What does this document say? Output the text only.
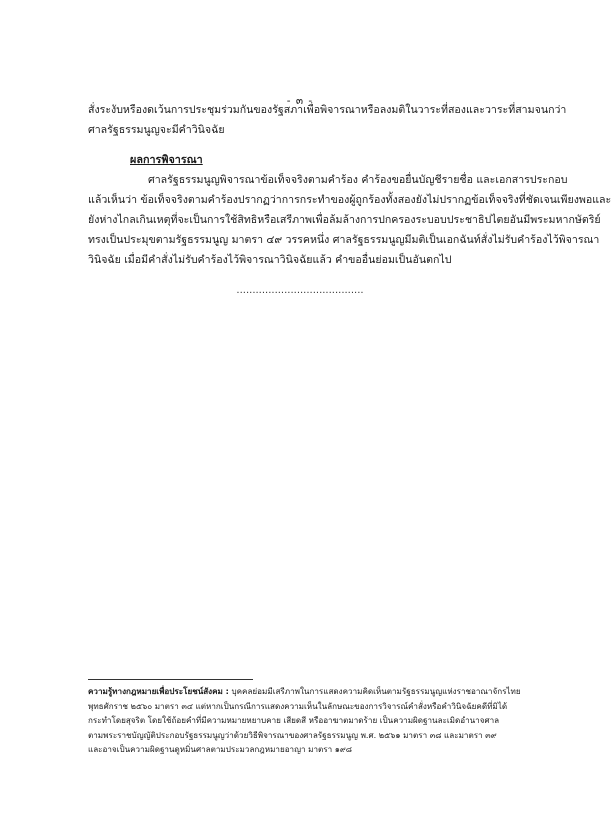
- ๓ -
สั่งระงับหรืองดเว้นการประชุมร่วมกันของรัฐสภาเพื่อพิจารณาหรือลงมติในวาระที่สองและวาระที่สามจนกว่า
ศาลรัฐธรรมนูญจะมีคำวินิจฉัย
ผลการพิจารณา
ศาลรัฐธรรมนูญพิจารณาข้อเท็จจริงตามคำร้อง คำร้องขอยื่นบัญชีรายชื่อ และเอกสารประกอบ
แล้วเห็นว่า ข้อเท็จจริงตามคำร้องปรากฏว่าการกระทำของผู้ถูกร้องทั้งสองยังไม่ปรากฏข้อเท็จจริงที่ชัดเจนเพียงพอและ
ยังห่างไกลเกินเหตุที่จะเป็นการใช้สิทธิหรือเสรีภาพเพื่อล้มล้างการปกครองระบอบประชาธิปไตยอันมีพระมหากษัตริย์
ทรงเป็นประมุขตามรัฐธรรมนูญ มาตรา ๔๙ วรรคหนึ่ง ศาลรัฐธรรมนูญมีมติเป็นเอกฉันท์สั่งไม่รับคำร้องไว้พิจารณา
วินิจฉัย เมื่อมีคำสั่งไม่รับคำร้องไว้พิจารณาวินิจฉัยแล้ว คำขออื่นย่อมเป็นอันตกไป
........................................
ความรู้ทางกฎหมายเพื่อประโยชน์สังคม : บุคคลย่อมมีเสรีภาพในการแสดงความคิดเห็นตามรัฐธรรมนูญแห่งราชอาณาจักรไทย
พุทธศักราช ๒๕๖๐ มาตรา ๓๔ แต่หากเป็นกรณีการแสดงความเห็นในลักษณะของการวิจารณ์คำสั่งหรือคำวินิจฉัยคดีที่มิได้
กระทำโดยสุจริต โดยใช้ถ้อยคำที่มีความหมายหยาบคาย เสียดสี หรืออาฆาตมาดร้าย เป็นความผิดฐานละเมิดอำนาจศาล
ตามพระราชบัญญัติประกอบรัฐธรรมนูญว่าด้วยวิธีพิจารณาของศาลรัฐธรรมนูญ พ.ศ. ๒๕๖๑ มาตรา ๓๘ และมาตรา ๓๙
และอาจเป็นความผิดฐานดูหมิ่นศาลตามประมวลกฎหมายอาญา มาตรา ๑๙๘
